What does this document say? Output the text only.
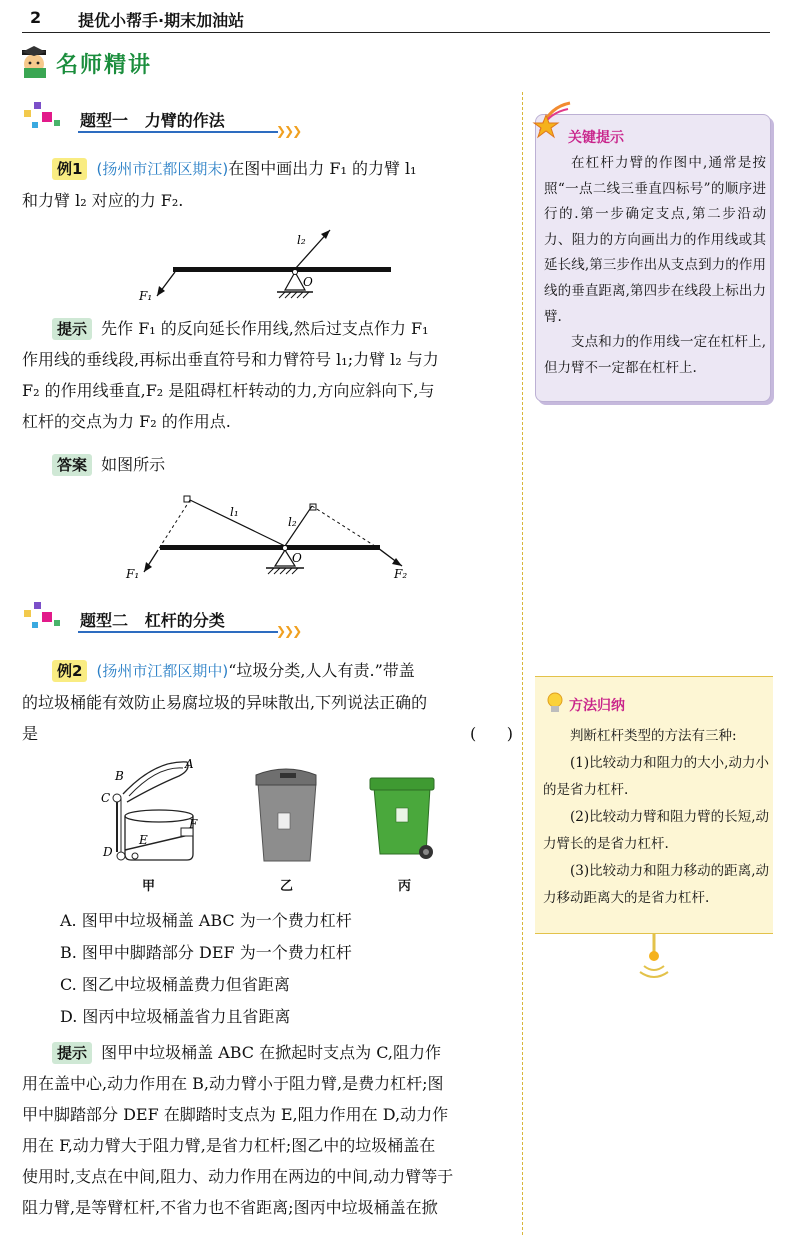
2 提优小帮手·期末加油站
名师精讲
题型一   力臂的作法
❯❯❯
例1 (扬州市江都区期末)在图中画出力 F₁ 的力臂 l₁
和力臂 l₂ 对应的力 F₂.
l₂
O
F₁
提示 先作 F₁ 的反向延长作用线,然后过支点作力 F₁
作用线的垂线段,再标出垂直符号和力臂符号 l₁;力臂 l₂ 与力
F₂ 的作用线垂直,F₂ 是阻碍杠杆转动的力,方向应斜向下,与
杠杆的交点为力 F₂ 的作用点.
答案 如图所示
l₁
l₂
O
F₁	F₂
题型二   杠杆的分类
❯❯❯
例2 (扬州市江都区期中)“垃圾分类,人人有责.”带盖
的垃圾桶能有效防止易腐垃圾的异味散出,下列说法正确的
是	(      )
B
C
A
F
E
D
甲	乙	丙
A. 图甲中垃圾桶盖 ABC 为一个费力杠杆
B. 图甲中脚踏部分 DEF 为一个费力杠杆
C. 图乙中垃圾桶盖费力但省距离
D. 图丙中垃圾桶盖省力且省距离
提示 图甲中垃圾桶盖 ABC 在掀起时支点为 C,阻力作
用在盖中心,动力作用在 B,动力臂小于阻力臂,是费力杠杆;图
甲中脚踏部分 DEF 在脚踏时支点为 E,阻力作用在 D,动力作
用在 F,动力臂大于阻力臂,是省力杠杆;图乙中的垃圾桶盖在
使用时,支点在中间,阻力、动力作用在两边的中间,动力臂等于
阻力臂,是等臂杠杆,不省力也不省距离;图丙中垃圾桶盖在掀
关键提示
在杠杆力臂的作图中,通常是按照“一点二线三垂直四标号”的顺序进行的.第一步确定支点,第二步沿动力、阻力的方向画出力的作用线或其延长线,第三步作出从支点到力的作用线的垂直距离,第四步在线段上标出力臂.
支点和力的作用线一定在杠杆上,但力臂不一定都在杠杆上.
方法归纳

判断杠杆类型的方法有三种:

(1)比较动力和阻力的大小,动力小的是省力杠杆.

(2)比较动力臂和阻力臂的长短,动力臂长的是省力杠杆.

(3)比较动力和阻力移动的距离,动力移动距离大的是省力杠杆.
